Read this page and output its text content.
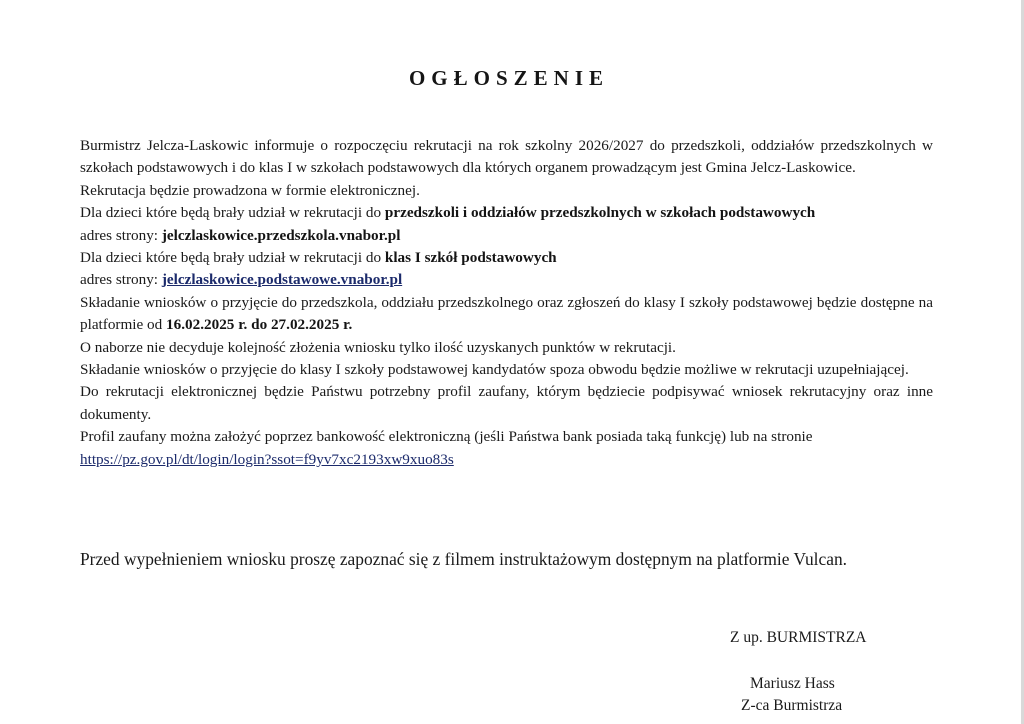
OGŁOSZENIE

Burmistrz Jelcza-Laskowic informuje o rozpoczęciu rekrutacji na rok szkolny 2026/2027 do przedszkoli, oddziałów przedszkolnych w szkołach podstawowych i do klas I w szkołach podstawowych dla których organem prowadzącym jest Gmina Jelcz-Laskowice.

Rekrutacja będzie prowadzona w formie elektronicznej.

Dla dzieci które będą brały udział w rekrutacji do przedszkoli i oddziałów przedszkolnych w szkołach podstawowych

adres strony: jelczlaskowice.przedszkola.vnabor.pl

Dla dzieci które będą brały udział w rekrutacji do klas I szkół podstawowych

adres strony: jelczlaskowice.podstawowe.vnabor.pl

Składanie wniosków o przyjęcie do przedszkola, oddziału przedszkolnego oraz zgłoszeń do klasy I szkoły podstawowej będzie dostępne na platformie od 16.02.2025 r. do 27.02.2025 r.

O naborze nie decyduje kolejność złożenia wniosku tylko ilość uzyskanych punktów w rekrutacji.

Składanie wniosków o przyjęcie do klasy I szkoły podstawowej kandydatów spoza obwodu będzie możliwe w rekrutacji uzupełniającej.

Do rekrutacji elektronicznej będzie Państwu potrzebny profil zaufany, którym będziecie podpisywać wniosek rekrutacyjny oraz inne dokumenty.

Profil zaufany można założyć poprzez bankowość elektroniczną (jeśli Państwa bank posiada taką funkcję) lub na stronie

https://pz.gov.pl/dt/login/login?ssot=f9yv7xc2193xw9xuo83s

Przed wypełnieniem wniosku proszę zapoznać się z filmem instruktażowym dostępnym na platformie Vulcan.

Z up. BURMISTRZA
Mariusz Hass
Z-ca Burmistrza
